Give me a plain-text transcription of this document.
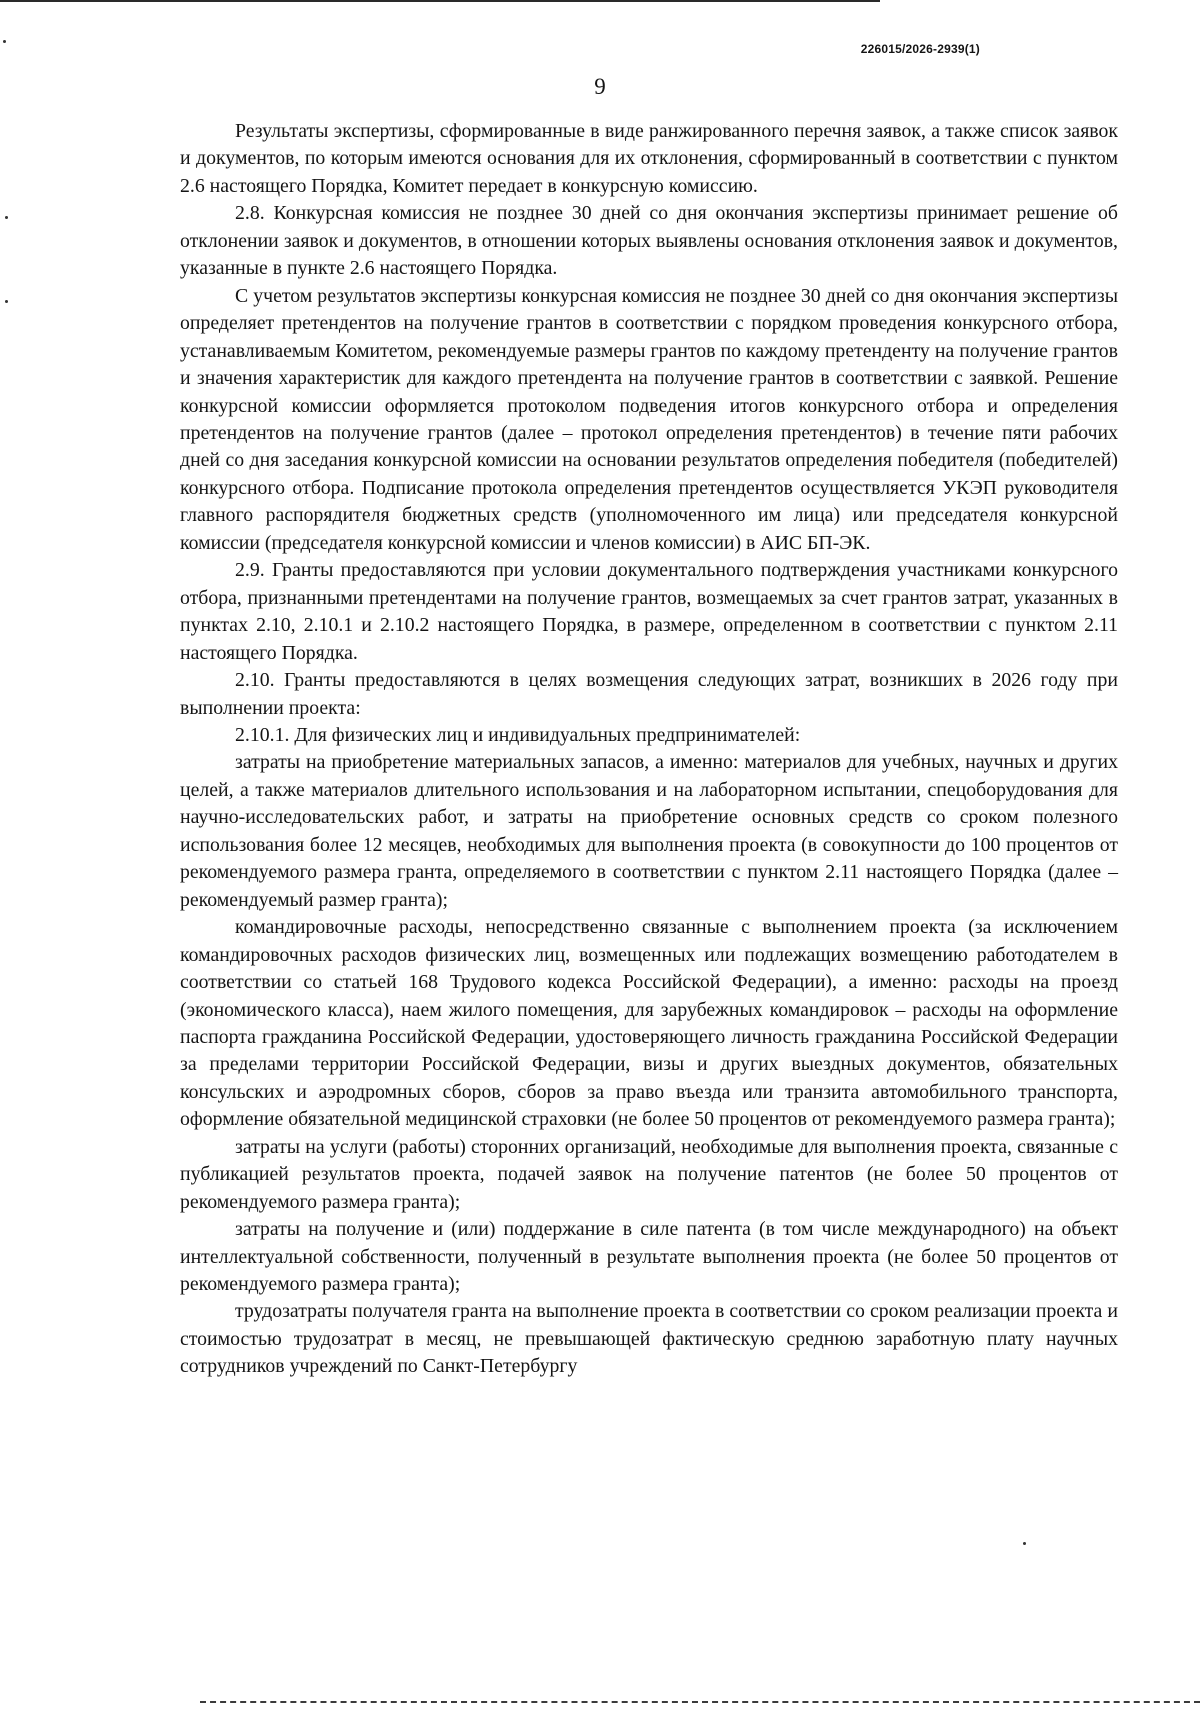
226015/2026-2939(1)
9

Результаты экспертизы, сформированные в виде ранжированного перечня заявок, а также список заявок и документов, по которым имеются основания для их отклонения, сформированный в соответствии с пунктом 2.6 настоящего Порядка, Комитет передает в конкурсную комиссию.

2.8. Конкурсная комиссия не позднее 30 дней со дня окончания экспертизы принимает решение об отклонении заявок и документов, в отношении которых выявлены основания отклонения заявок и документов, указанные в пункте 2.6 настоящего Порядка.

С учетом результатов экспертизы конкурсная комиссия не позднее 30 дней со дня окончания экспертизы определяет претендентов на получение грантов в соответствии с порядком проведения конкурсного отбора, устанавливаемым Комитетом, рекомендуемые размеры грантов по каждому претенденту на получение грантов и значения характеристик для каждого претендента на получение грантов в соответствии с заявкой. Решение конкурсной комиссии оформляется протоколом подведения итогов конкурсного отбора и определения претендентов на получение грантов (далее – протокол определения претендентов) в течение пяти рабочих дней со дня заседания конкурсной комиссии на основании результатов определения победителя (победителей) конкурсного отбора. Подписание протокола определения претендентов осуществляется УКЭП руководителя главного распорядителя бюджетных средств (уполномоченного им лица) или председателя конкурсной комиссии (председателя конкурсной комиссии и членов комиссии) в АИС БП-ЭК.

2.9. Гранты предоставляются при условии документального подтверждения участниками конкурсного отбора, признанными претендентами на получение грантов, возмещаемых за счет грантов затрат, указанных в пунктах 2.10, 2.10.1 и 2.10.2 настоящего Порядка, в размере, определенном в соответствии с пунктом 2.11 настоящего Порядка.

2.10. Гранты предоставляются в целях возмещения следующих затрат, возникших в 2026 году при выполнении проекта:

2.10.1. Для физических лиц и индивидуальных предпринимателей:

затраты на приобретение материальных запасов, а именно: материалов для учебных, научных и других целей, а также материалов длительного использования и на лабораторном испытании, спецоборудования для научно-исследовательских работ, и затраты на приобретение основных средств со сроком полезного использования более 12 месяцев, необходимых для выполнения проекта (в совокупности до 100 процентов от рекомендуемого размера гранта, определяемого в соответствии с пунктом 2.11 настоящего Порядка (далее – рекомендуемый размер гранта);

командировочные расходы, непосредственно связанные с выполнением проекта (за исключением командировочных расходов физических лиц, возмещенных или подлежащих возмещению работодателем в соответствии со статьей 168 Трудового кодекса Российской Федерации), а именно: расходы на проезд (экономического класса), наем жилого помещения, для зарубежных командировок – расходы на оформление паспорта гражданина Российской Федерации, удостоверяющего личность гражданина Российской Федерации за пределами территории Российской Федерации, визы и других выездных документов, обязательных консульских и аэродромных сборов, сборов за право въезда или транзита автомобильного транспорта, оформление обязательной медицинской страховки (не более 50 процентов от рекомендуемого размера гранта);

затраты на услуги (работы) сторонних организаций, необходимые для выполнения проекта, связанные с публикацией результатов проекта, подачей заявок на получение патентов (не более 50 процентов от рекомендуемого размера гранта);

затраты на получение и (или) поддержание в силе патента (в том числе международного) на объект интеллектуальной собственности, полученный в результате выполнения проекта (не более 50 процентов от рекомендуемого размера гранта);

трудозатраты получателя гранта на выполнение проекта в соответствии со сроком реализации проекта и стоимостью трудозатрат в месяц, не превышающей фактическую среднюю заработную плату научных сотрудников учреждений по Санкт-Петербургу
